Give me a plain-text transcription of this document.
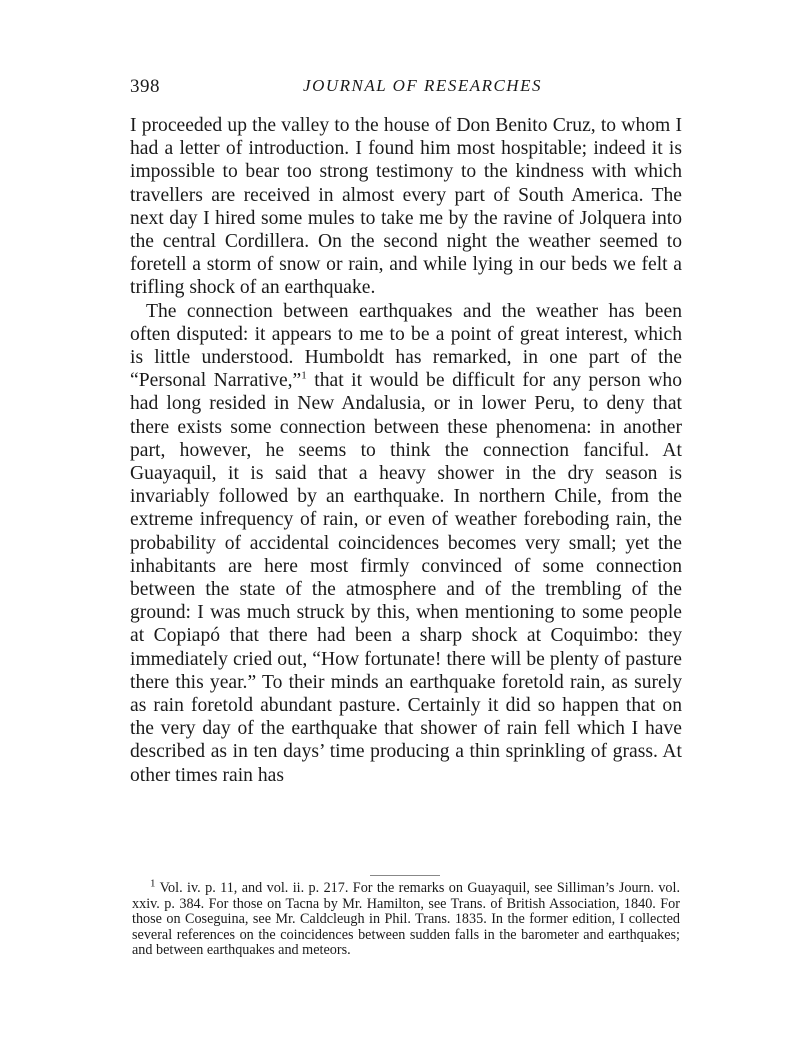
398	JOURNAL OF RESEARCHES

I proceeded up the valley to the house of Don Benito Cruz, to whom I had a letter of introduction. I found him most hospitable; indeed it is impossible to bear too strong testimony to the kindness with which travellers are received in almost every part of South America. The next day I hired some mules to take me by the ravine of Jolquera into the central Cordillera. On the second night the weather seemed to foretell a storm of snow or rain, and while lying in our beds we felt a trifling shock of an earthquake.

The connection between earthquakes and the weather has been often disputed: it appears to me to be a point of great interest, which is little understood. Humboldt has remarked, in one part of the “Personal Narrative,”$^1$ that it would be difficult for any person who had long resided in New Andalusia, or in lower Peru, to deny that there exists some connection between these phenomena: in another part, however, he seems to think the connection fanciful. At Guayaquil, it is said that a heavy shower in the dry season is invariably followed by an earthquake. In northern Chile, from the extreme infrequency of rain, or even of weather foreboding rain, the probability of accidental coincidences becomes very small; yet the inhabitants are here most firmly convinced of some connection between the state of the atmosphere and of the trembling of the ground: I was much struck by this, when mentioning to some people at Copiapó that there had been a sharp shock at Coquimbo: they immediately cried out, “How fortunate! there will be plenty of pasture there this year.” To their minds an earthquake foretold rain, as surely as rain foretold abundant pasture. Certainly it did so happen that on the very day of the earthquake that shower of rain fell which I have described as in ten days’ time producing a thin sprinkling of grass. At other times rain has

$^1$ Vol. iv. p. 11, and vol. ii. p. 217. For the remarks on Guayaquil, see Silliman’s Journ. vol. xxiv. p. 384. For those on Tacna by Mr. Hamilton, see Trans. of British Association, 1840. For those on Coseguina, see Mr. Caldcleugh in Phil. Trans. 1835. In the former edition, I collected several references on the coincidences between sudden falls in the barometer and earthquakes; and between earthquakes and meteors.
